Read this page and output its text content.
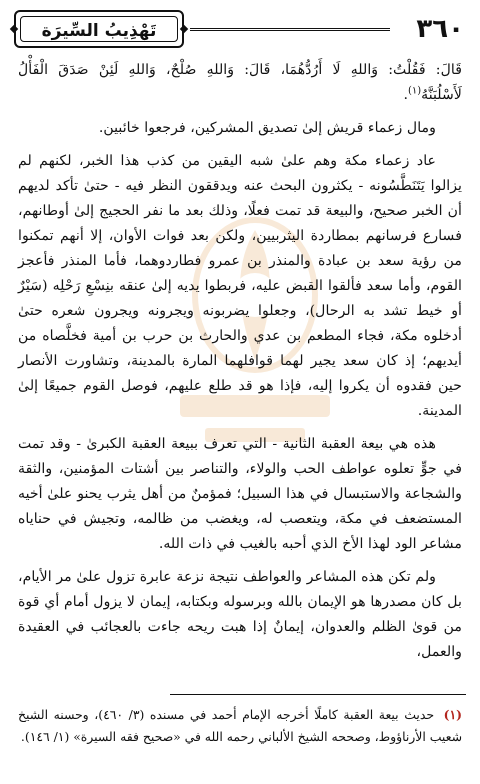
٣٦٠
تَهْذِيبُ السِّيرَة

قَالَ: فَقُلْتُ: وَاللهِ لَا أَرُدُّهُمَا، قَالَ: وَاللهِ صُلْحٌ، وَاللهِ لَئِنْ صَدَقَ الْفَأْلُ لَأَسْلُبَنَّهُ$^{(١)}$.

ومال زعماء قريش إلىٰ تصديق المشركين، فرجعوا خائبين.

عاد زعماء مكة وهم علىٰ شبه اليقين من كذب هذا الخبر، لكنهم لم يزالوا يَتَنَطَّسُونه - يكثرون البحث عنه ويدققون النظر فيه - حتىٰ تأكد لديهم أن الخبر صحيح، والبيعة قد تمت فعلًا، وذلك بعد ما نفر الحجيج إلىٰ أوطانهم، فسارع فرسانهم بمطاردة اليثربيين، ولكن بعد فوات الأوان، إلا أنهم تمكنوا من رؤية سعد بن عبادة والمنذر بن عمرو فطاردوهما، فأما المنذر فأعجز القوم، وأما سعد فألقوا القبض عليه، فربطوا يديه إلىٰ عنقه بنِسْعِ رَحْلِه (سَيْرٌ أو خيط تشد به الرحال)، وجعلوا يضربونه ويجرونه ويجرون شعره حتىٰ أدخلوه مكة، فجاء المطعم بن عدي والحارث بن حرب بن أمية فخلَّصاه من أيديهم؛ إذ كان سعد يجير لهما قوافلهما المارة بالمدينة، وتشاورت الأنصار حين فقدوه أن يكروا إليه، فإذا هو قد طلع عليهم، فوصل القوم جميعًا إلىٰ المدينة.

هذه هي بيعة العقبة الثانية - التي تعرف ببيعة العقبة الكبرىٰ - وقد تمت في جوٍّ تعلوه عواطف الحب والولاء، والتناصر بين أشتات المؤمنين، والثقة والشجاعة والاستبسال في هذا السبيل؛ فمؤمنٌ من أهل يثرب يحنو علىٰ أخيه المستضعف في مكة، ويتعصب له، ويغضب من ظالمه، وتجيش في حناياه مشاعر الود لهذا الأخ الذي أحبه بالغيب في ذات الله.

ولم تكن هذه المشاعر والعواطف نتيجة نزعة عابرة تزول علىٰ مر الأيام، بل كان مصدرها هو الإيمان بالله وبرسوله وبكتابه، إيمان لا يزول أمام أي قوة من قوىٰ الظلم والعدوان، إيمانٌ إذا هبت ريحه جاءت بالعجائب في العقيدة والعمل،

(١) حديث بيعة العقبة كاملًا أخرجه الإمام أحمد في مسنده (٣/ ٤٦٠)، وحسنه الشيخ شعيب الأرناؤوط، وصححه الشيخ الألباني رحمه الله في «صحيح فقه السيرة» (١/ ١٤٦).
